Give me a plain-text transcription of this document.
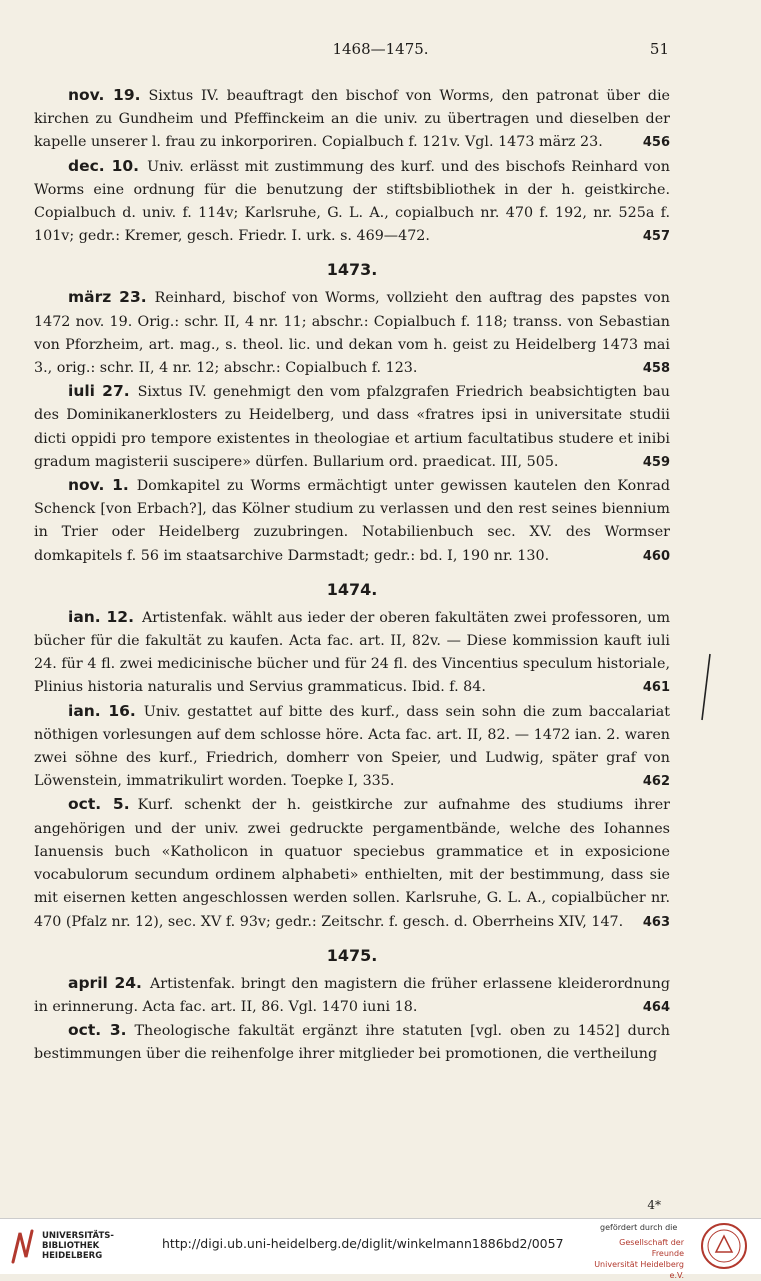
1468—1475.	51

nov. 19. Sixtus IV. beauftragt den bischof von Worms, den patronat über die kirchen zu Gundheim und Pfeffinckeim an die univ. zu übertragen und dieselben der kapelle unserer l. frau zu inkorporiren. Copialbuch f. 121v. Vgl. 1473 märz 23.	456

dec. 10. Univ. erlässt mit zustimmung des kurf. und des bischofs Reinhard von Worms eine ordnung für die benutzung der stiftsbibliothek in der h. geistkirche. Copialbuch d. univ. f. 114v; Karlsruhe, G. L. A., copialbuch nr. 470 f. 192, nr. 525a f. 101v; gedr.: Kremer, gesch. Friedr. I. urk. s. 469—472.	457

1473.

märz 23. Reinhard, bischof von Worms, vollzieht den auftrag des papstes von 1472 nov. 19. Orig.: schr. II, 4 nr. 11; abschr.: Copialbuch f. 118; transs. von Sebastian von Pforzheim, art. mag., s. theol. lic. und dekan vom h. geist zu Heidelberg 1473 mai 3., orig.: schr. II, 4 nr. 12; abschr.: Copialbuch f. 123.	458

iuli 27. Sixtus IV. genehmigt den vom pfalzgrafen Friedrich beabsichtigten bau des Dominikanerklosters zu Heidelberg, und dass «fratres ipsi in universitate studii dicti oppidi pro tempore existentes in theologiae et artium facultatibus studere et inibi gradum magisterii suscipere» dürfen. Bullarium ord. praedicat. III, 505.	459

nov. 1. Domkapitel zu Worms ermächtigt unter gewissen kautelen den Konrad Schenck [von Erbach?], das Kölner studium zu verlassen und den rest seines biennium in Trier oder Heidelberg zuzubringen. Notabilienbuch sec. XV. des Wormser domkapitels f. 56 im staatsarchive Darmstadt; gedr.: bd. I, 190 nr. 130.	460

1474.

ian. 12. Artistenfak. wählt aus ieder der oberen fakultäten zwei professoren, um bücher für die fakultät zu kaufen. Acta fac. art. II, 82v. — Diese kommission kauft iuli 24. für 4 fl. zwei medicinische bücher und für 24 fl. des Vincentius speculum historiale, Plinius historia naturalis und Servius grammaticus. Ibid. f. 84.	461

ian. 16. Univ. gestattet auf bitte des kurf., dass sein sohn die zum baccalariat nöthigen vorlesungen auf dem schlosse höre. Acta fac. art. II, 82. — 1472 ian. 2. waren zwei söhne des kurf., Friedrich, domherr von Speier, und Ludwig, später graf von Löwenstein, immatrikulirt worden. Toepke I, 335.	462

oct. 5. Kurf. schenkt der h. geistkirche zur aufnahme des studiums ihrer angehörigen und der univ. zwei gedruckte pergamentbände, welche des Iohannes Ianuensis buch «Katholicon in quatuor speciebus grammatice et in exposicione vocabulorum secundum ordinem alphabeti» enthielten, mit der bestimmung, dass sie mit eisernen ketten angeschlossen werden sollen. Karlsruhe, G. L. A., copialbücher nr. 470 (Pfalz nr. 12), sec. XV f. 93v; gedr.: Zeitschr. f. gesch. d. Oberrheins XIV, 147. 463

1475.

april 24. Artistenfak. bringt den magistern die früher erlassene kleiderordnung in erinnerung. Acta fac. art. II, 86. Vgl. 1470 iuni 18.	464

oct. 3. Theologische fakultät ergänzt ihre statuten [vgl. oben zu 1452] durch bestimmungen über die reihenfolge ihrer mitglieder bei promotionen, die vertheilung

4*
UNIVERSITÄTS-
BIBLIOTHEK
HEIDELBERG
http://digi.ub.uni-heidelberg.de/diglit/winkelmann1886bd2/0057
gefördert durch die
Gesellschaft der Freunde
Universität Heidelberg e.V.
